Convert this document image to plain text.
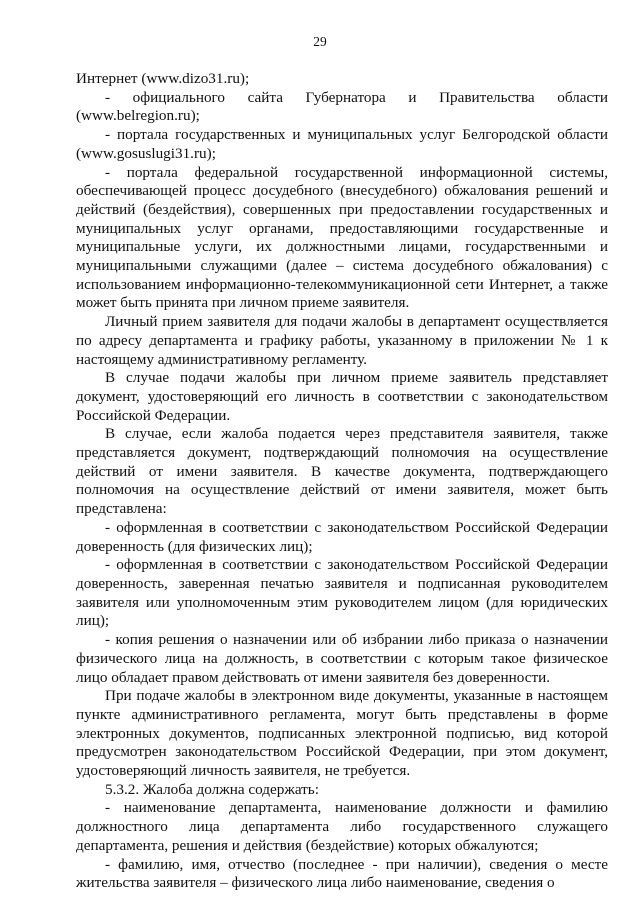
29

Интернет (www.dizo31.ru);

- официального сайта Губернатора и Правительства области (www.belregion.ru);

- портала государственных и муниципальных услуг Белгородской области (www.gosuslugi31.ru);

- портала федеральной государственной информационной системы, обеспечивающей процесс досудебного (внесудебного) обжалования решений и действий (бездействия), совершенных при предоставлении государственных и муниципальных услуг органами, предоставляющими государственные и муниципальные услуги, их должностными лицами, государственными и муниципальными служащими (далее – система досудебного обжалования) с использованием информационно-телекоммуникационной сети Интернет, а также может быть принята при личном приеме заявителя.

Личный прием заявителя для подачи жалобы в департамент осуществляется по адресу департамента и графику работы, указанному в приложении № 1 к настоящему административному регламенту.

В случае подачи жалобы при личном приеме заявитель представляет документ, удостоверяющий его личность в соответствии с законодательством Российской Федерации.

В случае, если жалоба подается через представителя заявителя, также представляется документ, подтверждающий полномочия на осуществление действий от имени заявителя. В качестве документа, подтверждающего полномочия на осуществление действий от имени заявителя, может быть представлена:

- оформленная в соответствии с законодательством Российской Федерации доверенность (для физических лиц);

- оформленная в соответствии с законодательством Российской Федерации доверенность, заверенная печатью заявителя и подписанная руководителем заявителя или уполномоченным этим руководителем лицом (для юридических лиц);

- копия решения о назначении или об избрании либо приказа о назначении физического лица на должность, в соответствии с которым такое физическое лицо обладает правом действовать от имени заявителя без доверенности.

При подаче жалобы в электронном виде документы, указанные в настоящем пункте административного регламента, могут быть представлены в форме электронных документов, подписанных электронной подписью, вид которой предусмотрен законодательством Российской Федерации, при этом документ, удостоверяющий личность заявителя, не требуется.

5.3.2. Жалоба должна содержать:

- наименование департамента, наименование должности и фамилию должностного лица департамента либо государственного служащего департамента, решения и действия (бездействие) которых обжалуются;

- фамилию, имя, отчество (последнее - при наличии), сведения о месте жительства заявителя – физического лица либо наименование, сведения о
